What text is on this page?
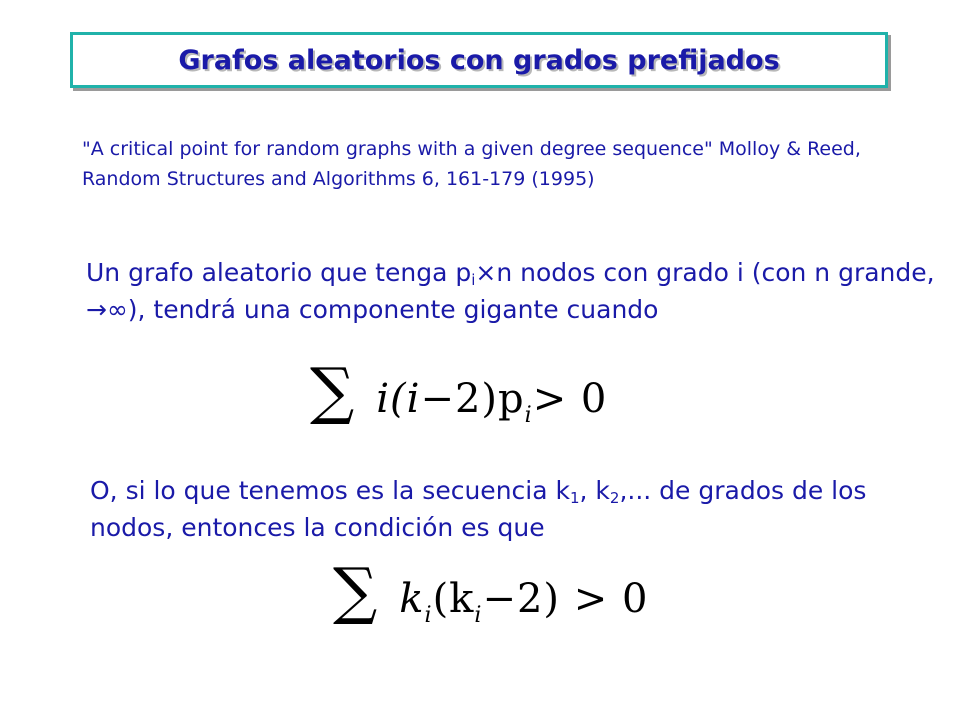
Grafos aleatorios con grados prefijados
"A critical point for random graphs with a given degree sequence" Molloy & Reed, Random Structures and Algorithms 6, 161-179 (1995)
Un grafo aleatorio que tenga $p_i\times n$ nodos con grado i (con n grande, →∞), tendrá una componente gigante cuando
∑ $i(i-2)p_i> 0$
O, si lo que tenemos es la secuencia $k_1$, $k_2$,... de grados de los nodos, entonces la condición es que
∑ $k_i(k_i-2) > 0$
